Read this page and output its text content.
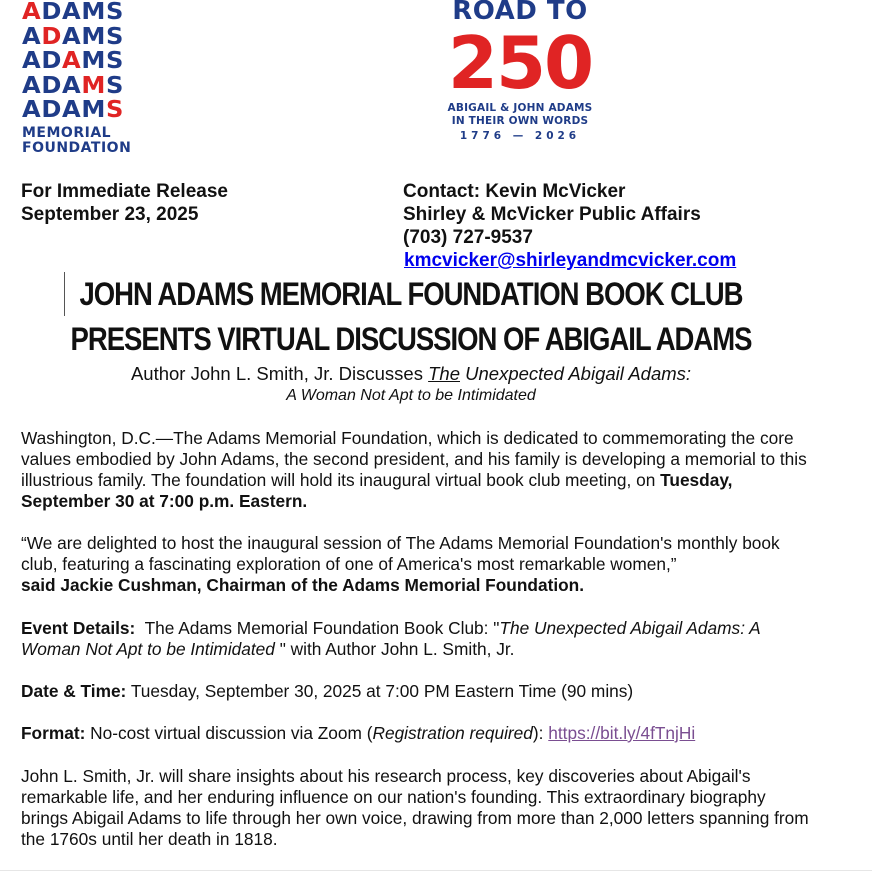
ADAMS
ADAMS
ADAMS
ADAMS
ADAMS
MEMORIAL
FOUNDATION
ROAD TO
250
ABIGAIL & JOHN ADAMS
IN THEIR OWN WORDS
1776 — 2026
For Immediate Release
September 23, 2025
Contact: Kevin McVicker
Shirley & McVicker Public Affairs
(703) 727-9537
kmcvicker@shirleyandmcvicker.com
JOHN ADAMS MEMORIAL FOUNDATION BOOK CLUB
PRESENTS VIRTUAL DISCUSSION OF ABIGAIL ADAMS
Author John L. Smith, Jr. Discusses The Unexpected Abigail Adams:
A Woman Not Apt to be Intimidated
Washington, D.C.—The Adams Memorial Foundation, which is dedicated to commemorating the core values embodied by John Adams, the second president, and his family is developing a memorial to this illustrious family. The foundation will hold its inaugural virtual book club meeting, on Tuesday, September 30 at 7:00 p.m. Eastern.
“We are delighted to host the inaugural session of The Adams Memorial Foundation's monthly book club, featuring a fascinating exploration of one of America's most remarkable women,”
said Jackie Cushman, Chairman of the Adams Memorial Foundation.
Event Details:  The Adams Memorial Foundation Book Club: "The Unexpected Abigail Adams: A Woman Not Apt to be Intimidated " with Author John L. Smith, Jr.
Date & Time: Tuesday, September 30, 2025 at 7:00 PM Eastern Time (90 mins)
Format: No-cost virtual discussion via Zoom (Registration required): https://bit.ly/4fTnjHi
John L. Smith, Jr. will share insights about his research process, key discoveries about Abigail's remarkable life, and her enduring influence on our nation's founding. This extraordinary biography brings Abigail Adams to life through her own voice, drawing from more than 2,000 letters spanning from the 1760s until her death in 1818.
